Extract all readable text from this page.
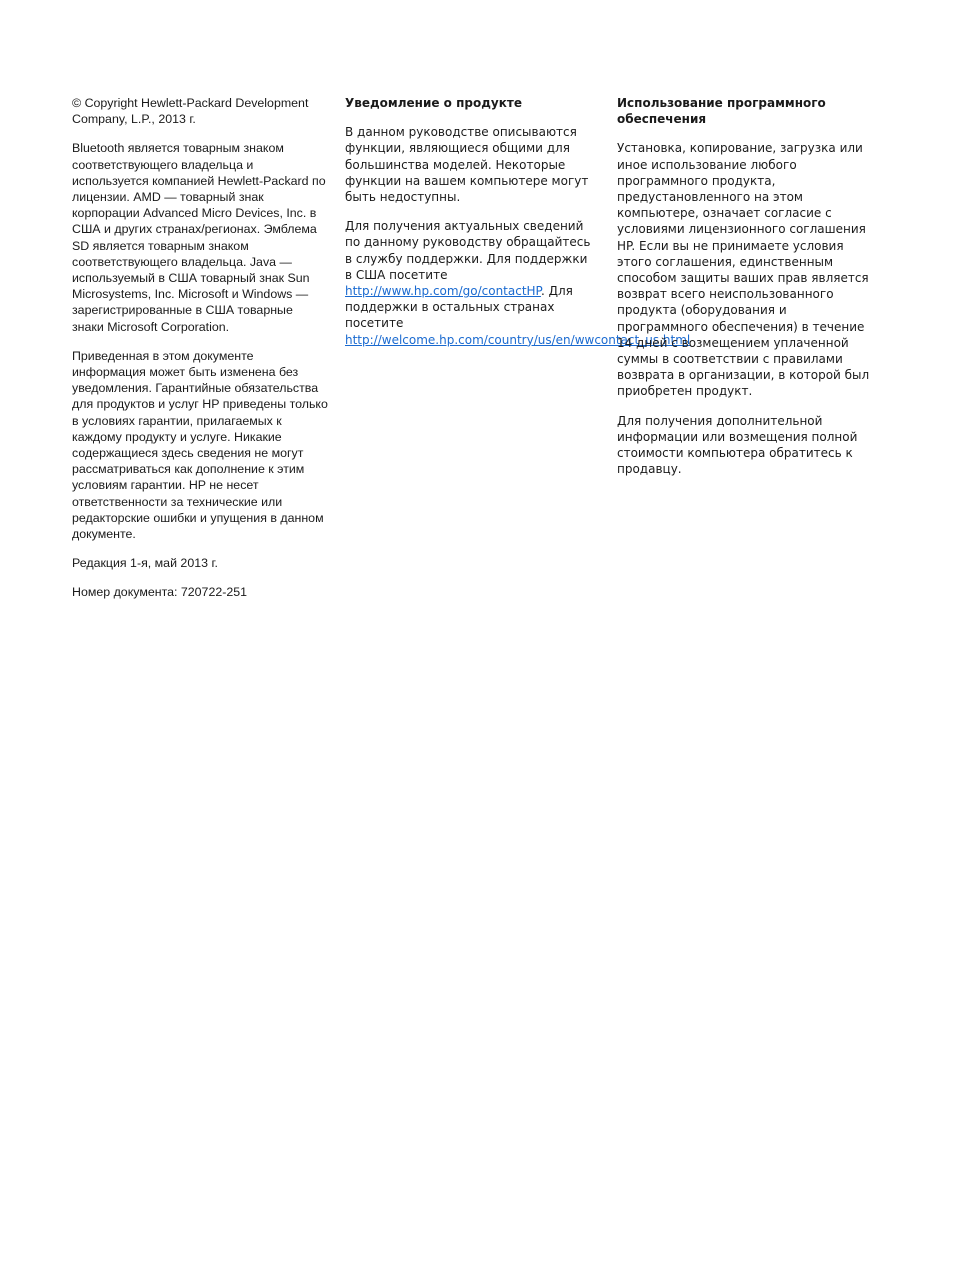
© Copyright Hewlett-Packard Development Company, L.P., 2013 г.

Bluetooth является товарным знаком соответствующего владельца и используется компанией Hewlett-Packard по лицензии. AMD — товарный знак корпорации Advanced Micro Devices, Inc. в США и других странах/регионах. Эмблема SD является товарным знаком соответствующего владельца. Java — используемый в США товарный знак Sun Microsystems, Inc. Microsoft и Windows — зарегистрированные в США товарные знаки Microsoft Corporation.

Приведенная в этом документе информация может быть изменена без уведомления. Гарантийные обязательства для продуктов и услуг HP приведены только в условиях гарантии, прилагаемых к каждому продукту и услуге. Никакие содержащиеся здесь сведения не могут рассматриваться как дополнение к этим условиям гарантии. HP не несет ответственности за технические или редакторские ошибки и упущения в данном документе.

Редакция 1-я, май 2013 г.

Номер документа: 720722-251

Уведомление о продукте

В данном руководстве описываются функции, являющиеся общими для большинства моделей. Некоторые функции на вашем компьютере могут быть недоступны.

Для получения актуальных сведений по данному руководству обращайтесь в службу поддержки. Для поддержки в США посетите http://www.hp.com/go/contactHP. Для поддержки в остальных странах посетите http://welcome.hp.com/country/us/en/wwcontact_us.html

Использование программного обеспечения

Установка, копирование, загрузка или иное использование любого программного продукта, предустановленного на этом компьютере, означает согласие с условиями лицензионного соглашения HP. Если вы не принимаете условия этого соглашения, единственным способом защиты ваших прав является возврат всего неиспользованного продукта (оборудования и программного обеспечения) в течение 14 дней с возмещением уплаченной суммы в соответствии с правилами возврата в организации, в которой был приобретен продукт.

Для получения дополнительной информации или возмещения полной стоимости компьютера обратитесь к продавцу.
